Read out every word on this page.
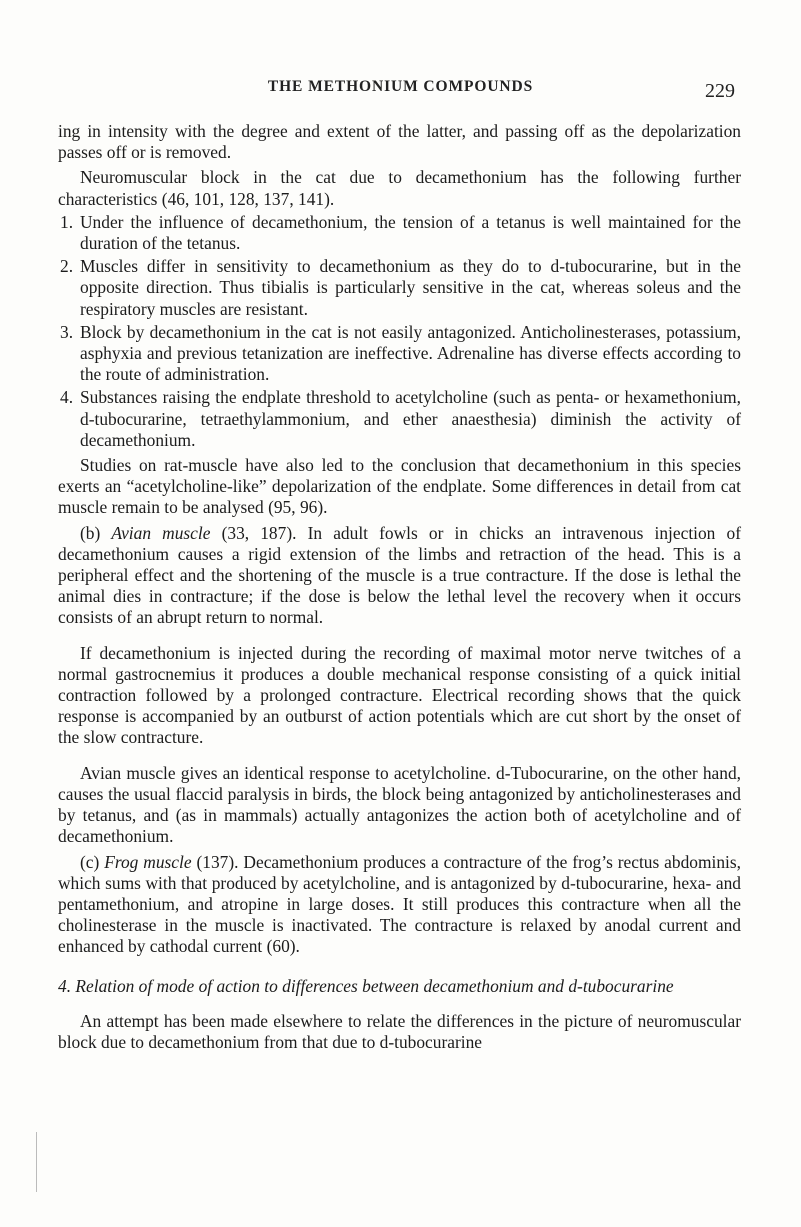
THE METHONIUM COMPOUNDS	229

ing in intensity with the degree and extent of the latter, and passing off as the depolarization passes off or is removed.

Neuromuscular block in the cat due to decamethonium has the following further characteristics (46, 101, 128, 137, 141).

1. Under the influence of decamethonium, the tension of a tetanus is well maintained for the duration of the tetanus.
2. Muscles differ in sensitivity to decamethonium as they do to d-tubocurarine, but in the opposite direction. Thus tibialis is particularly sensitive in the cat, whereas soleus and the respiratory muscles are resistant.
3. Block by decamethonium in the cat is not easily antagonized. Anticholinesterases, potassium, asphyxia and previous tetanization are ineffective. Adrenaline has diverse effects according to the route of administration.
4. Substances raising the endplate threshold to acetylcholine (such as penta- or hexamethonium, d-tubocurarine, tetraethylammonium, and ether anaesthesia) diminish the activity of decamethonium.

Studies on rat-muscle have also led to the conclusion that decamethonium in this species exerts an “acetylcholine-like” depolarization of the endplate. Some differences in detail from cat muscle remain to be analysed (95, 96).

(b) Avian muscle (33, 187). In adult fowls or in chicks an intravenous injection of decamethonium causes a rigid extension of the limbs and retraction of the head. This is a peripheral effect and the shortening of the muscle is a true contracture. If the dose is lethal the animal dies in contracture; if the dose is below the lethal level the recovery when it occurs consists of an abrupt return to normal.

If decamethonium is injected during the recording of maximal motor nerve twitches of a normal gastrocnemius it produces a double mechanical response consisting of a quick initial contraction followed by a prolonged contracture. Electrical recording shows that the quick response is accompanied by an outburst of action potentials which are cut short by the onset of the slow contracture.

Avian muscle gives an identical response to acetylcholine. d-Tubocurarine, on the other hand, causes the usual flaccid paralysis in birds, the block being antagonized by anticholinesterases and by tetanus, and (as in mammals) actually antagonizes the action both of acetylcholine and of decamethonium.

(c) Frog muscle (137). Decamethonium produces a contracture of the frog’s rectus abdominis, which sums with that produced by acetylcholine, and is antagonized by d-tubocurarine, hexa- and pentamethonium, and atropine in large doses. It still produces this contracture when all the cholinesterase in the muscle is inactivated. The contracture is relaxed by anodal current and enhanced by cathodal current (60).

4. Relation of mode of action to differences between decamethonium and d-tubocurarine

An attempt has been made elsewhere to relate the differences in the picture of neuromuscular block due to decamethonium from that due to d-tubocurarine
